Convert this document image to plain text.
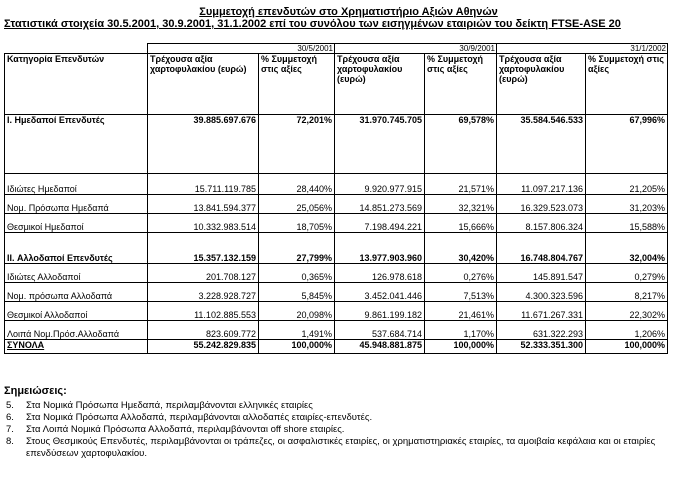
Συμμετοχή επενδυτών στο Χρηματιστήριο Αξιών Αθηνών
Στατιστικά στοιχεία 30.5.2001, 30.9.2001, 31.1.2002 επί του συνόλου των εισηγμένων εταιριών του δείκτη FTSE-ASE 20
	30/5/2001		30/9/2001		31/1/2002	
Κατηγορία Επενδυτών	Τρέχουσα αξία χαρτοφυλακίου (ευρώ)	% Συμμετοχή στις αξίες	Τρέχουσα αξία χαρτοφυλακίου (ευρώ)	% Συμμετοχή στις αξίες	Τρέχουσα αξία χαρτοφυλακίου (ευρώ)	% Συμμετοχή στις αξίες
I. Ημεδαποί Επενδυτές	39.885.697.676	72,201%	31.970.745.705	69,578%	35.584.546.533	67,996%
Ιδιώτες Ημεδαποί	15.711.119.785	28,440%	9.920.977.915	21,571%	11.097.217.136	21,205%
Νομ. Πρόσωπα Ημεδαπά	13.841.594.377	25,056%	14.851.273.569	32,321%	16.329.523.073	31,203%
Θεσμικοί Ημεδαποί	10.332.983.514	18,705%	7.198.494.221	15,666%	8.157.806.324	15,588%
II. Αλλοδαποί Επενδυτές	15.357.132.159	27,799%	13.977.903.960	30,420%	16.748.804.767	32,004%
Ιδιώτες Αλλοδαποί	201.708.127	0,365%	126.978.618	0,276%	145.891.547	0,279%
Νομ. πρόσωπα Αλλοδαπά	3.228.928.727	5,845%	3.452.041.446	7,513%	4.300.323.596	8,217%
Θεσμικοί Αλλοδαποί	11.102.885.553	20,098%	9.861.199.182	21,461%	11.671.267.331	22,302%
Λοιπά Νομ.Πρόσ.Αλλοδαπά	823.609.772	1,491%	537.684.714	1,170%	631.322.293	1,206%
ΣΥΝΟΛΑ	55.242.829.835	100,000%	45.948.881.875	100,000%	52.333.351.300	100,000%
Σημειώσεις:
5. Στα Νομικά Πρόσωπα Ημεδαπά, περιλαμβάνονται ελληνικές εταιρίες
6. Στα Νομικά Πρόσωπα Αλλοδαπά, περιλαμβάνονται αλλοδαπές εταιρίες-επενδυτές.
7. Στα Λοιπά Νομικά Πρόσωπα Αλλοδαπά, περιλαμβάνονται off shore εταιρίες.
8. Στους Θεσμικούς Επενδυτές, περιλαμβάνονται οι τράπεζες, οι ασφαλιστικές εταιρίες, οι χρηματιστηριακές εταιρίες, τα αμοιβαία κεφάλαια και οι εταιρίες επενδύσεων χαρτοφυλακίου.
